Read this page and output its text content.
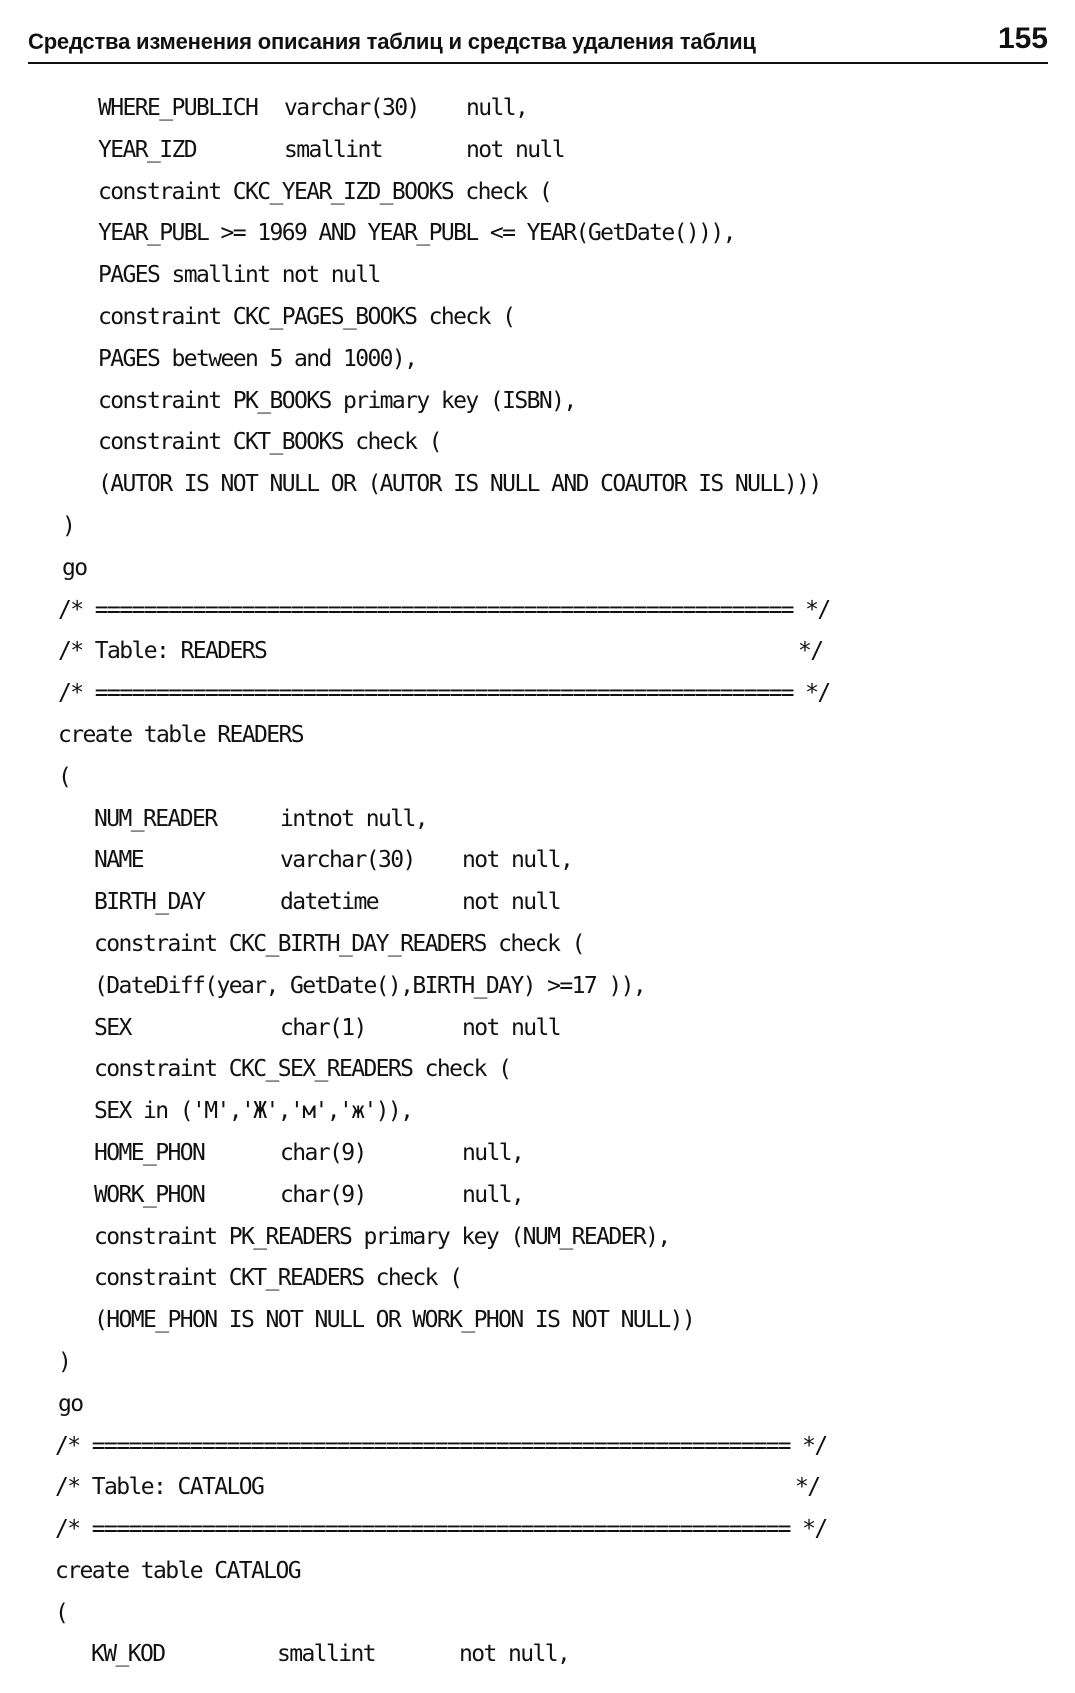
Средства изменения описания таблиц и средства удаления таблиц	155
WHERE_PUBLICH varchar(30) null,
YEAR_IZD	smallint	not null
constraint CKC_YEAR_IZD_BOOKS check (
YEAR_PUBL >= 1969 AND YEAR_PUBL <= YEAR(GetDate())),
PAGES smallint not null
constraint CKC_PAGES_BOOKS check (
PAGES between 5 and 1000),
constraint PK_BOOKS primary key (ISBN),
constraint CKT_BOOKS check (
(AUTOR IS NOT NULL OR (AUTOR IS NULL AND COAUTOR IS NULL)))
)
go
/* ========================================================= */
/* Table: READERS	*/
/* ========================================================= */
create table READERS
(
NUM_READER	intnot null,
NAME	varchar(30) not null,
BIRTH_DAY	datetime	not null
constraint CKC_BIRTH_DAY_READERS check (
(DateDiff(year, GetDate(),BIRTH_DAY) >=17 )),
SEX	char(1)	not null
constraint CKC_SEX_READERS check (
SEX in ('M','Ж','м','ж')),
HOME_PHON	char(9)	null,
WORK_PHON	char(9)	null,
constraint PK_READERS primary key (NUM_READER),
constraint CKT_READERS check (
(HOME_PHON IS NOT NULL OR WORK_PHON IS NOT NULL))
)
go
/* ========================================================= */
/* Table: CATALOG	*/
/* ========================================================= */
create table CATALOG
(
KW_KOD	smallint	not null,
